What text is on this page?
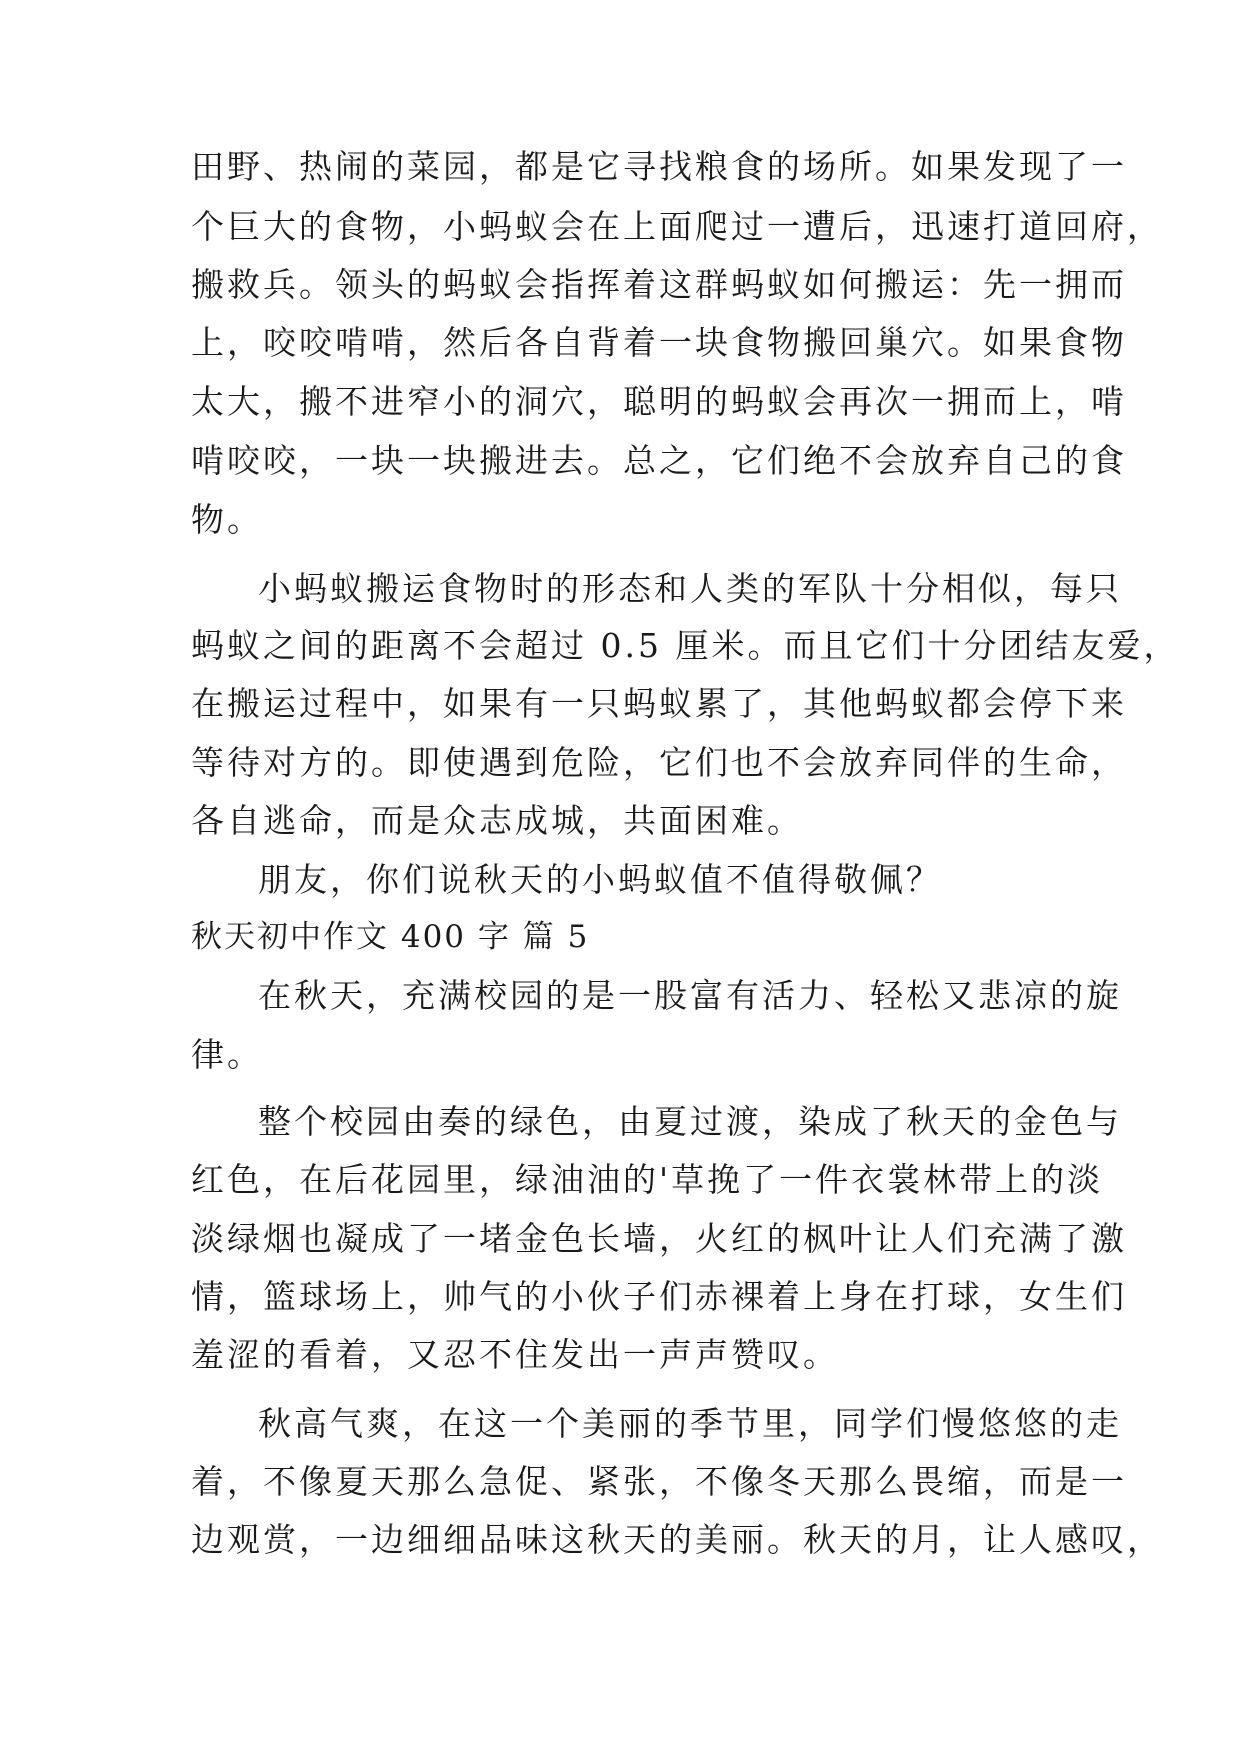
田野、热闹的菜园，都是它寻找粮食的场所。如果发现了一
个巨大的食物，小蚂蚁会在上面爬过一遭后，迅速打道回府，
搬救兵。领头的蚂蚁会指挥着这群蚂蚁如何搬运：先一拥而
上，咬咬啃啃，然后各自背着一块食物搬回巢穴。如果食物
太大，搬不进窄小的洞穴，聪明的蚂蚁会再次一拥而上，啃
啃咬咬，一块一块搬进去。总之，它们绝不会放弃自己的食
物。
小蚂蚁搬运食物时的形态和人类的军队十分相似，每只
蚂蚁之间的距离不会超过 0.5 厘米。而且它们十分团结友爱，
在搬运过程中，如果有一只蚂蚁累了，其他蚂蚁都会停下来
等待对方的。即使遇到危险，它们也不会放弃同伴的生命，
各自逃命，而是众志成城，共面困难。
朋友，你们说秋天的小蚂蚁值不值得敬佩？
秋天初中作文 400 字 篇 5
在秋天，充满校园的是一股富有活力、轻松又悲凉的旋
律。
整个校园由奏的绿色，由夏过渡，染成了秋天的金色与
红色，在后花园里，绿油油的'草挽了一件衣裳林带上的淡
淡绿烟也凝成了一堵金色长墙，火红的枫叶让人们充满了激
情，篮球场上，帅气的小伙子们赤裸着上身在打球，女生们
羞涩的看着，又忍不住发出一声声赞叹。
秋高气爽，在这一个美丽的季节里，同学们慢悠悠的走
着，不像夏天那么急促、紧张，不像冬天那么畏缩，而是一
边观赏，一边细细品味这秋天的美丽。秋天的月，让人感叹，
